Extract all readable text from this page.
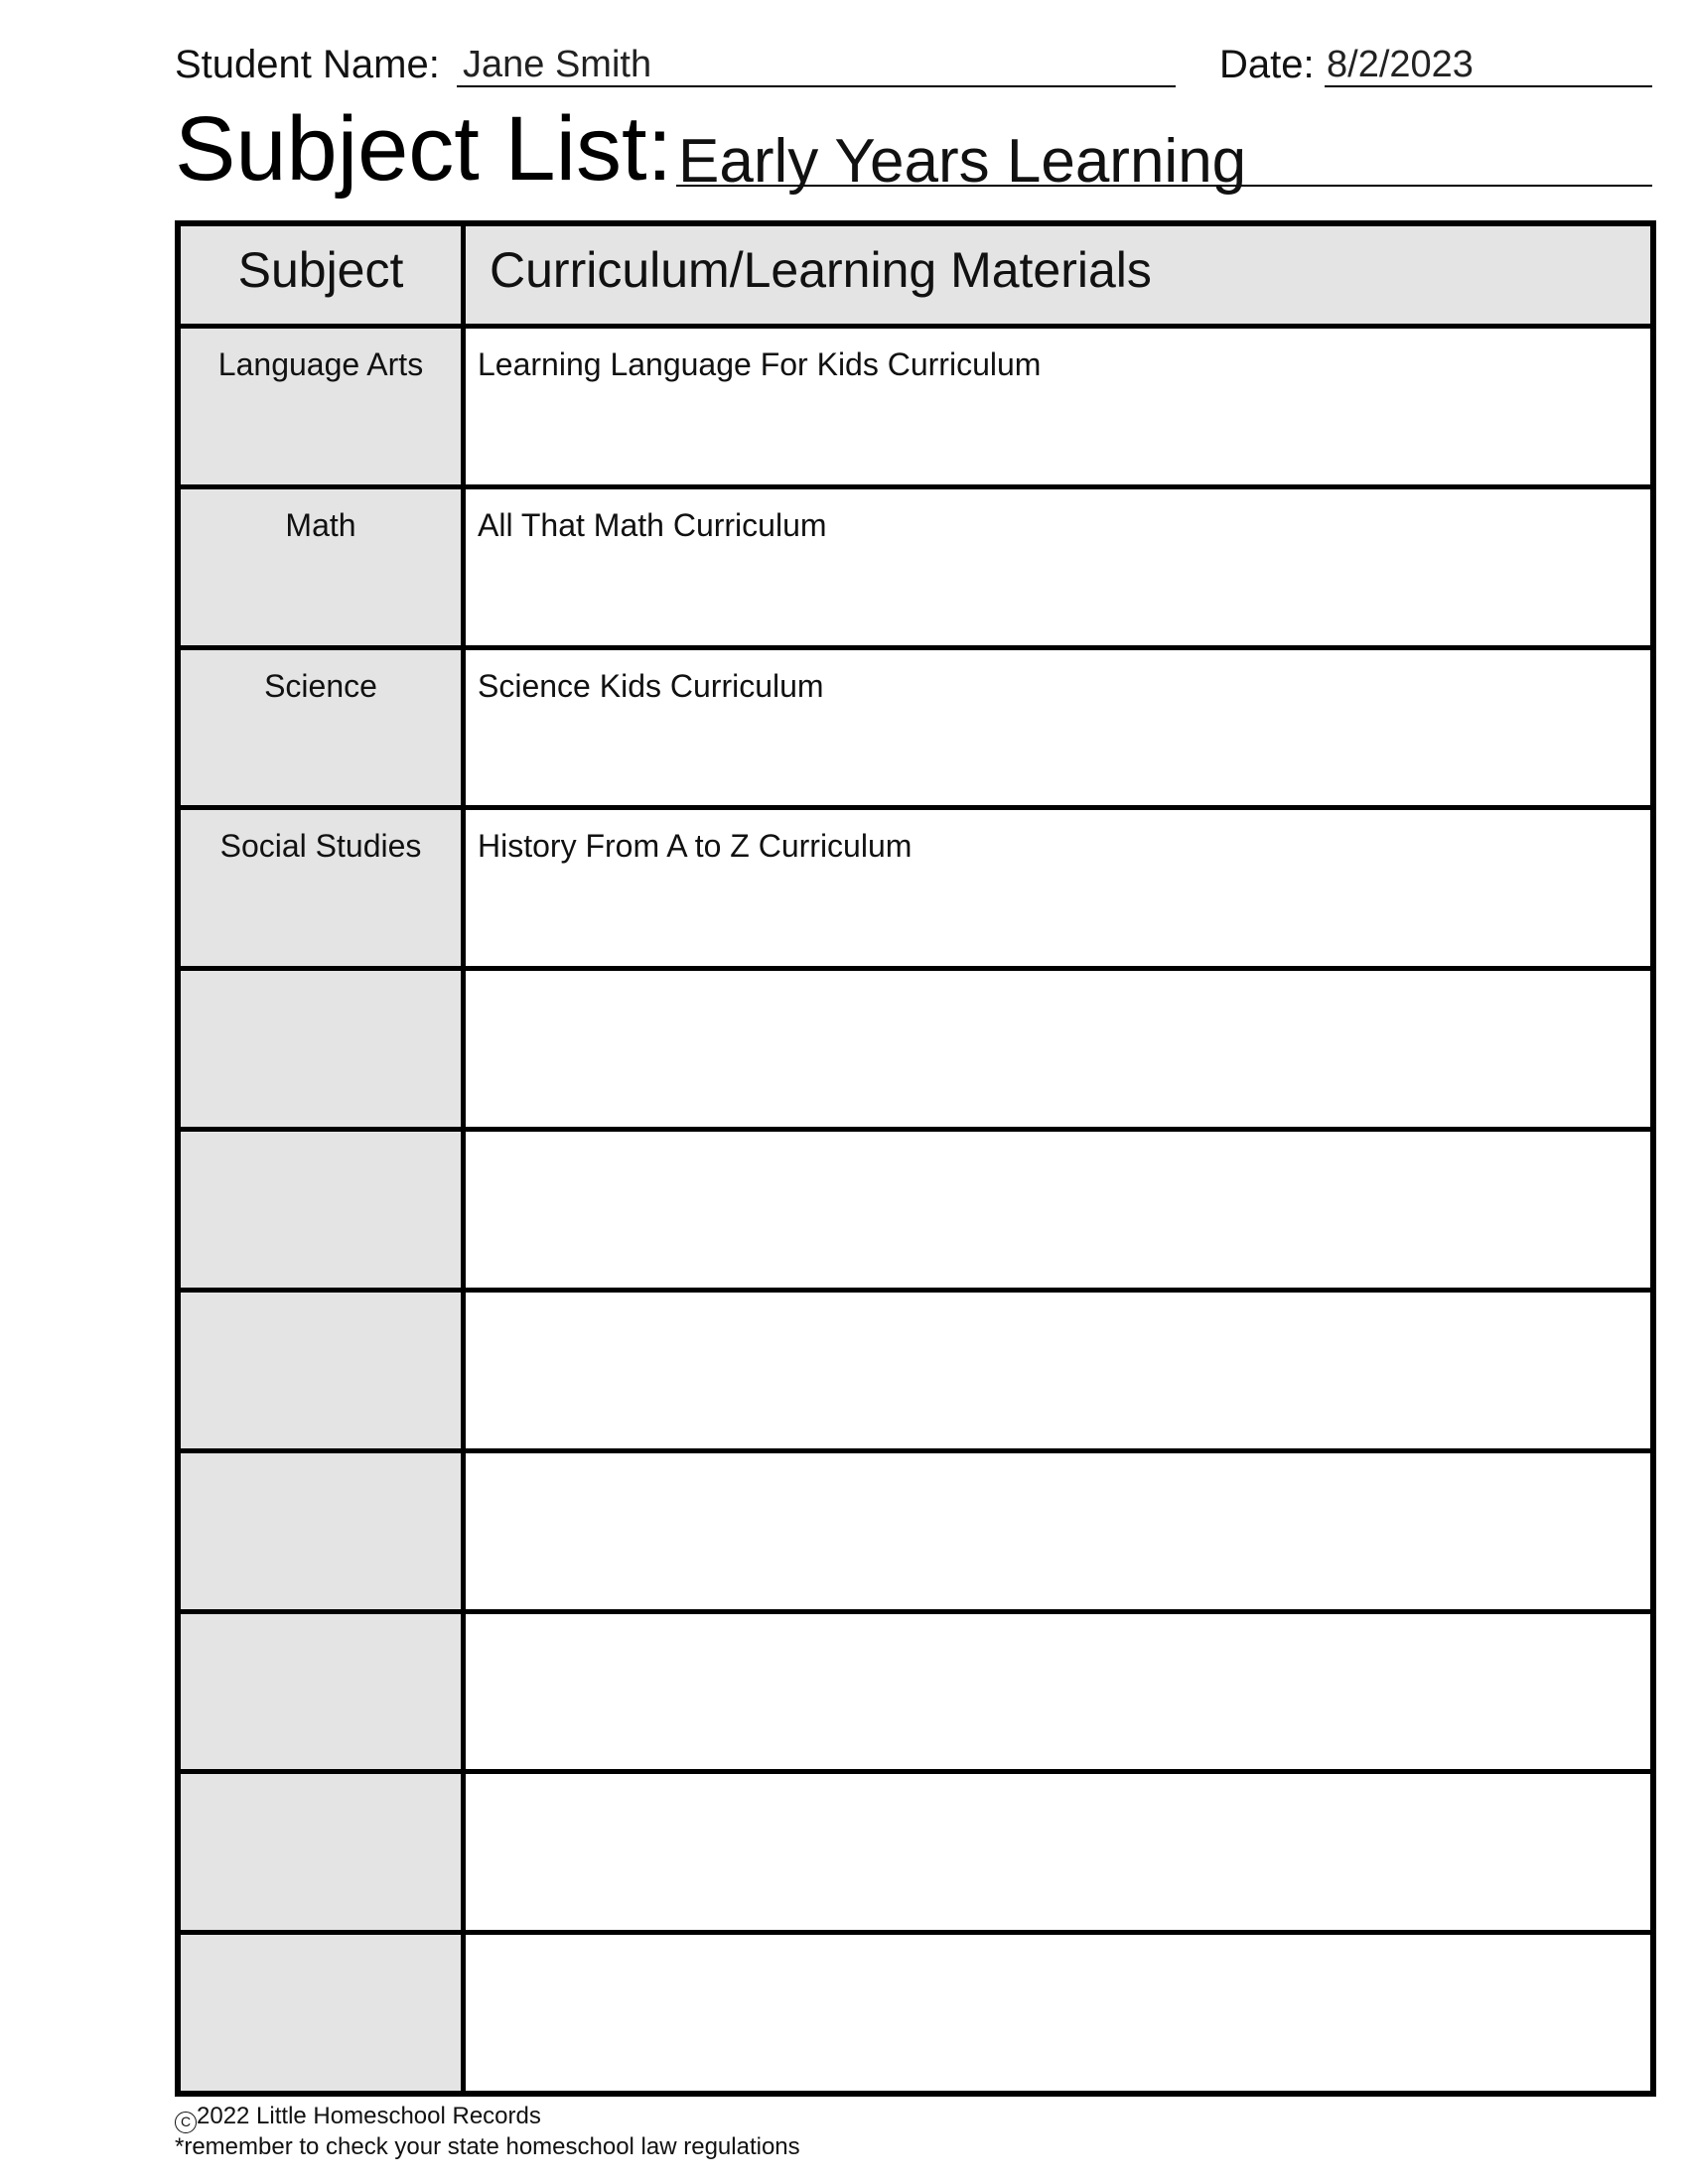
Student Name: Jane Smith	Date: 8/2/2023
Subject List: Early Years Learning
Subject	Curriculum/Learning Materials
Language Arts	Learning Language For Kids Curriculum
Math	All That Math Curriculum
Science	Science Kids Curriculum
Social Studies	History From A to Z Curriculum
C 2022 Little Homeschool Records
*remember to check your state homeschool law regulations
